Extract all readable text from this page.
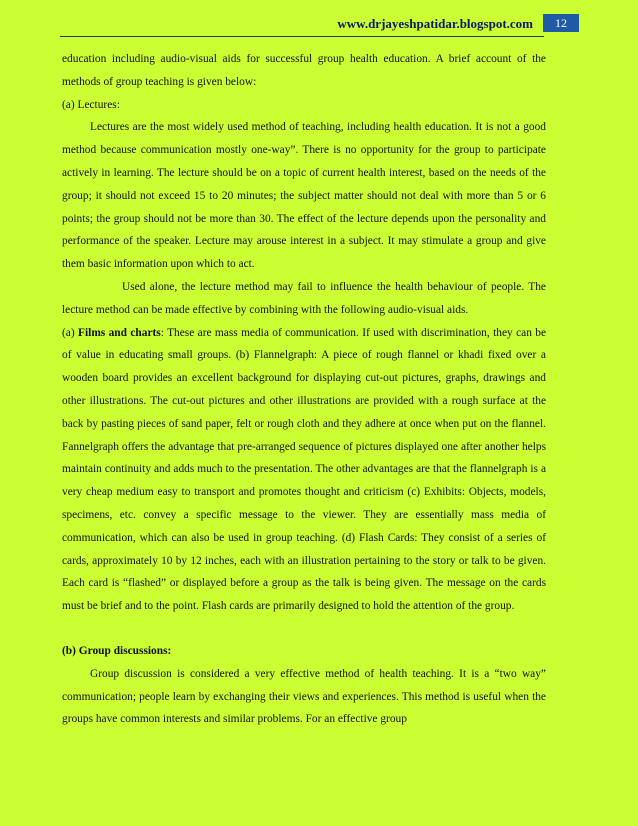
www.drjayeshpatidar.blogspot.com	12

education including audio-visual aids for successful group health education. A brief account of the methods of group teaching is given below:

(a) Lectures:

Lectures are the most widely used method of teaching, including health education. It is not a good method because communication mostly one-way”. There is no opportunity for the group to participate actively in learning. The lecture should be on a topic of current health interest, based on the needs of the group; it should not exceed 15 to 20 minutes; the subject matter should not deal with more than 5 or 6 points; the group should not be more than 30. The effect of the lecture depends upon the personality and performance of the speaker. Lecture may arouse interest in a subject. It may stimulate a group and give them basic information upon which to act.

Used alone, the lecture method may fail to influence the health behaviour of people. The lecture method can be made effective by combining with the following audio-visual aids.

(a) Films and charts: These are mass media of communication. If used with discrimination, they can be of value in educating small groups. (b) Flannelgraph: A piece of rough flannel or khadi fixed over a wooden board provides an excellent background for displaying cut-out pictures, graphs, drawings and other illustrations. The cut-out pictures and other illustrations are provided with a rough surface at the back by pasting pieces of sand paper, felt or rough cloth and they adhere at once when put on the flannel. Fannelgraph offers the advantage that pre-arranged sequence of pictures displayed one after another helps maintain continuity and adds much to the presentation. The other advantages are that the flannelgraph is a very cheap medium easy to transport and promotes thought and criticism (c) Exhibits: Objects, models, specimens, etc. convey a specific message to the viewer. They are essentially mass media of communication, which can also be used in group teaching. (d) Flash Cards: They consist of a series of cards, approximately 10 by 12 inches, each with an illustration pertaining to the story or talk to be given. Each card is “flashed” or displayed before a group as the talk is being given. The message on the cards must be brief and to the point. Flash cards are primarily designed to hold the attention of the group.

(b) Group discussions:

Group discussion is considered a very effective method of health teaching. It is a “two way” communication; people learn by exchanging their views and experiences. This method is useful when the groups have common interests and similar problems. For an effective group
